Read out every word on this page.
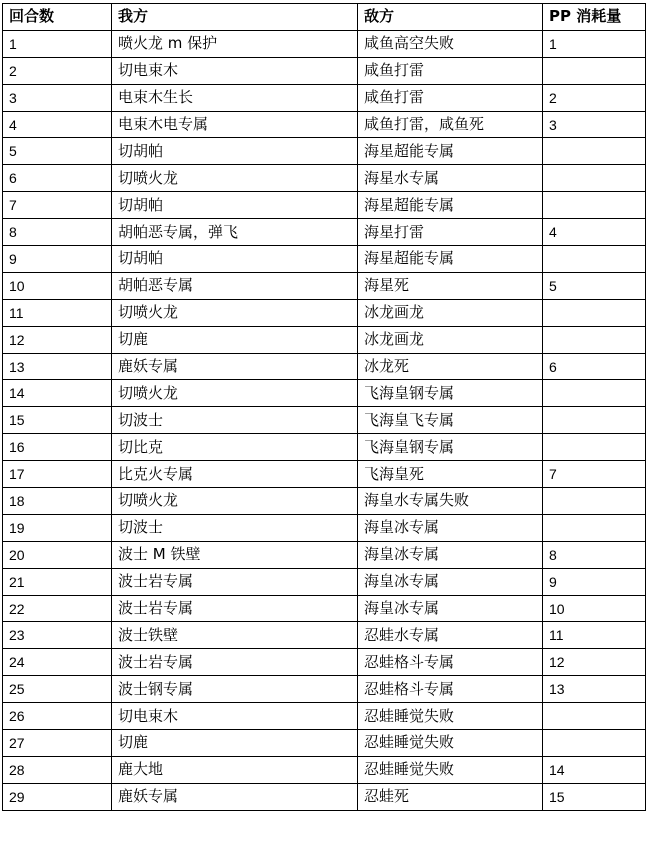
回合数	我方	敌方	PP 消耗量
1	喷火龙 m 保护	咸鱼高空失败	1
2	切电束木	咸鱼打雷	
3	电束木生长	咸鱼打雷	2
4	电束木电专属	咸鱼打雷，咸鱼死	3
5	切胡帕	海星超能专属	
6	切喷火龙	海星水专属	
7	切胡帕	海星超能专属	
8	胡帕恶专属，弹飞	海星打雷	4
9	切胡帕	海星超能专属	
10	胡帕恶专属	海星死	5
11	切喷火龙	冰龙画龙	
12	切鹿	冰龙画龙	
13	鹿妖专属	冰龙死	6
14	切喷火龙	飞海皇钢专属	
15	切波士	飞海皇飞专属	
16	切比克	飞海皇钢专属	
17	比克火专属	飞海皇死	7
18	切喷火龙	海皇水专属失败	
19	切波士	海皇冰专属	
20	波士 M 铁壁	海皇冰专属	8
21	波士岩专属	海皇冰专属	9
22	波士岩专属	海皇冰专属	10
23	波士铁壁	忍蛙水专属	11
24	波士岩专属	忍蛙格斗专属	12
25	波士钢专属	忍蛙格斗专属	13
26	切电束木	忍蛙睡觉失败	
27	切鹿	忍蛙睡觉失败	
28	鹿大地	忍蛙睡觉失败	14
29	鹿妖专属	忍蛙死	15
